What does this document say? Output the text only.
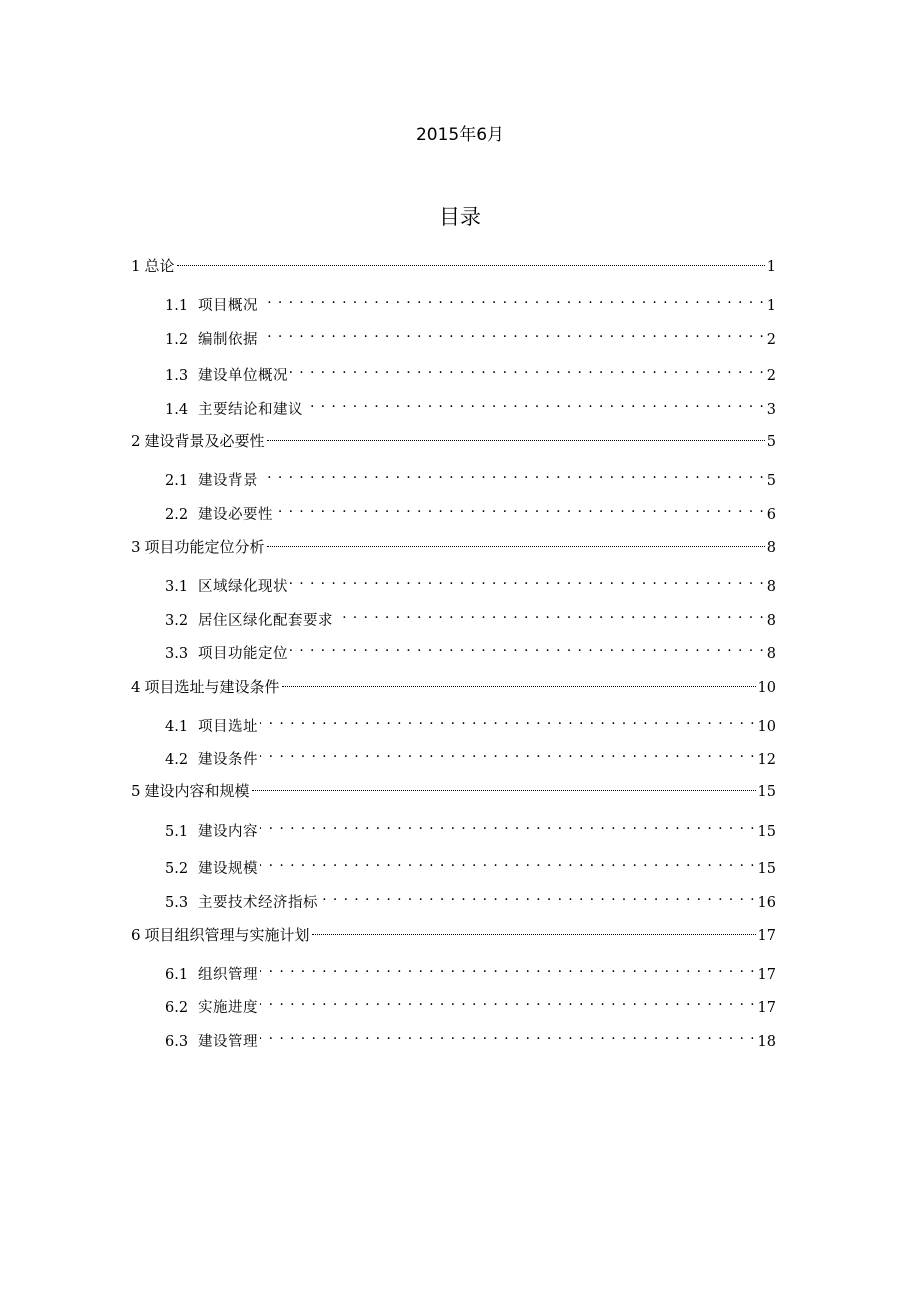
2015年6月
目录
1 总论	1
1.1 项目概况 . . .	1
1.2 编制依据 . . .	2
1.3 建设单位概况 . . .	2
1.4 主要结论和建议 . . .	3
2 建设背景及必要性	5
2.1 建设背景 . . .	5
2.2 建设必要性 . . .	6
3 项目功能定位分析	8
3.1 区域绿化现状 . . .	8
3.2 居住区绿化配套要求 . . .	8
3.3 项目功能定位 . . .	8
4 项目选址与建设条件	10
4.1 项目选址 . . .	10
4.2 建设条件 . . .	12
5 建设内容和规模	15
5.1 建设内容 . . .	15
5.2 建设规模 . . .	15
5.3 主要技术经济指标 . . .	16
6 项目组织管理与实施计划	17
6.1 组织管理 . . .	17
6.2 实施进度 . . .	17
6.3 建设管理 . . .	18
